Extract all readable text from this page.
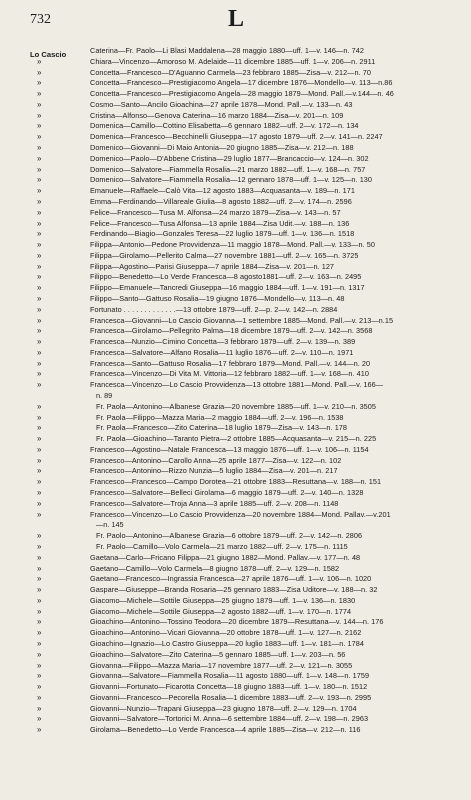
732	L
Lo Cascio	Caterina—Fr. Paolo—Li Blasi Maddalena—28 maggio 1880—uff. 1—v. 146—n. 742
»	Chiara—Vincenzo—Amoroso M. Adelaide—11 dicembre 1885—uff. 1—v. 206—n. 2911
»	Concetta—Francesco—D'Aguanno Carmela—23 febbraro 1885—Zisa—v. 212—n. 70
»	Concetta—Francesco—Prestigiacomo Angela—17 dicembre 1876—Mondello—v. 113—n.86
»	Concetta—Francesco—Prestigiacomo Angela—28 maggio 1879—Mond. Pall.—v.144—n. 46
»	Cosmo—Santo—Ancilo Gioachina—27 aprile 1878—Mond. Pall.—v. 133—n. 43
»	Cristina—Alfonso—Genova Caterina—16 marzo 1884—Zisa—v. 201—n. 109
»	Domenica—Camillo—Cottino Elisabetta—6 gennaro 1882—uff. 2—v. 172—n. 134
»	Domenica—Francesco—Becchinelli Giuseppa—17 agosto 1879—uff. 2—v. 141—n. 2247
»	Domenico—Giovanni—Di Maio Antonia—20 giugno 1885—Zisa—v. 212—n. 188
»	Domenico—Paolo—D'Abbene Cristina—29 luglio 1877—Brancaccio—v. 124—n. 302
»	Domenico—Salvatore—Fiammella Rosalia—21 marzo 1882—uff. 1—v. 168—n. 757
»	Domenico—Salvatore—Fiammella Rosalia—12 gennaro 1878—uff. 1—v. 125—n. 130
»	Emanuele—Raffaele—Calò Vita—12 agosto 1883—Acquasanta—v. 189—n. 171
»	Emma—Ferdinando—Villareale Giulia—8 agosto 1882—uff. 2—v. 174—n. 2596
»	Felice—Francesco—Tusa M. Alfonsa—24 marzo 1879—Zisa—v. 143—n. 57
»	Felice—Francesco—Tusa Alfonsa—13 aprile 1884—Zisa Udit.—v. 188—n. 136
»	Ferdinando—Biagio—Gonzales Teresa—22 luglio 1879—uff. 1—v. 136—n. 1518
»	Filippa—Antonio—Pedone Provvidenza—11 maggio 1878—Mond. Pall.—v. 133—n. 50
»	Filippa—Girolamo—Pellerito Calma—27 novembre 1881—uff. 2—v. 165—n. 3725
»	Filippa—Agostino—Parisi Giuseppa—7 aprile 1884—Zisa—v. 201—n. 127
»	Filippo—Benedetto—Lo Verde Francesca—8 agosto1881—uff. 2—v. 163—n. 2495
»	Filippo—Emanuele—Tancredi Giuseppa—16 maggio 1884—uff. 1—v. 191—n. 1317
»	Filippo—Santo—Gattuso Rosalia—19 giugno 1876—Mondello—v. 113—n. 48
»	Fortunato . . . . . . . . . . . . .—13 ottobre 1879—uff. 2—p. 2—v. 142—n. 2884
»	Francesca—Giovanni—Lo Cascio Giovanna—1 settembre 1885—Mond. Pall.—v. 213—n.15
»	Francesca—Girolamo—Pellegrito Palma—18 dicembre 1879—uff. 2—v. 142—n. 3568
»	Francesca—Nunzio—Cimino Concetta—3 febbraro 1879—uff. 2—v. 139—n. 389
»	Francesca—Salvatore—Alfano Rosalia—11 luglio 1876—uff. 2—v. 110—n. 1971
»	Francesca—Santo—Gattuso Rosalia—17 febbraro 1879—Mond. Pall.—v. 144—n. 20
»	Francesca—Vincenzo—Di Vita M. Vittoria—12 febbraro 1882—uff. 1—v. 168—n. 410
»	Francesca—Vincenzo—Lo Cascio Provvidenza—13 ottobre 1881—Mond. Pall.—v. 166—
n. 89
»	Fr. Paola—Antonino—Albanese Grazia—20 novembre 1885—uff. 1—v. 210—n. 3505
»	Fr. Paola—Filippo—Mazza Maria—2 maggio 1884—uff. 2—v. 196—n. 1538
»	Fr. Paola—Francesco—Zito Caterina—18 luglio 1879—Zisa—v. 143—n. 178
»	Fr. Paola—Gioachino—Taranto Pietra—2 ottobre 1885—Acquasanta—v. 215—n. 225
»	Francesco—Agostino—Natale Francesca—13 maggio 1876—uff. 1—v. 106—n. 1154
»	Francesco—Antonino—Carollo Anna—25 aprile 1877—Zisa—v. 122—n. 102
»	Francesco—Antonino—Rizzo Nunzia—5 luglio 1884—Zisa—v. 201—n. 217
»	Francesco—Francesco—Campo Dorotea—21 ottobre 1883—Resuttana—v. 188—n. 151
»	Francesco—Salvatore—Belleci Girolama—6 maggio 1879—uff. 2—v. 140—n. 1328
»	Francesco—Salvatore—Troja Anna—3 aprile 1885—uff. 2—v. 208—n. 1148
»	Francesco—Vincenzo—Lo Cascio Provvidenza—20 novembre 1884—Mond. Pallav.—v.201
—n. 145
»	Fr. Paolo—Antonino—Albanese Grazia—6 ottobre 1879—uff. 2—v. 142—n. 2806
»	Fr. Paolo—Camillo—Volo Carmela—21 marzo 1882—uff. 2—v. 175—n. 1115
»	Gaetana—Carlo—Fricano Filippa—21 giugno 1882—Mond. Pallav.—v. 177—n. 48
»	Gaetano—Camillo—Volo Carmela—8 giugno 1878—uff. 2—v. 129—n. 1582
»	Gaetano—Francesco—Ingrassia Francesca—27 aprile 1876—uff. 1—v. 106—n. 1020
»	Gaspare—Giuseppe—Branda Rosaria—25 gennaro 1883—Zisa Uditore—v. 188—n. 32
»	Giacomo—Michele—Sottile Giuseppa—25 giugno 1879—uff. 1—v. 136—n. 1830
»	Giacomo—Michele—Sottile Giuseppa—2 agosto 1882—uff. 1—v. 170—n. 1774
»	Gioachino—Antonino—Tossino Teodora—20 dicembre 1879—Resuttana—v. 144—n. 176
»	Gioachino—Antonino—Vicari Giovanna—20 ottobre 1878—uff. 1—v. 127—n. 2162
»	Gioachino—Ignazio—Lo Castro Giuseppa—20 luglio 1883—uff. 1—v. 181—n. 1784
»	Gioachino—Salvatore—Zito Caterina—5 gennaro 1885—uff. 1—v. 203—n. 56
»	Giovanna—Filippo—Mazza Maria—17 novembre 1877—uff. 2—v. 121—n. 3055
»	Giovanna—Salvatore—Fiammella Rosalia—11 agosto 1880—uff. 1—v. 148—n. 1759
»	Giovanni—Fortunato—Ficarotta Concetta—18 giugno 1883—uff. 1—v. 180—n. 1512
»	Giovanni—Francesco—Pecorella Rosalia—1 dicembre 1883—uff. 2—v. 193—n. 2995
»	Giovanni—Nunzio—Trapani Giuseppa—23 giugno 1878—uff. 2—v. 129—n. 1704
»	Giovanni—Salvatore—Tortorici M. Anna—6 settembre 1884—uff. 2—v. 198—n. 2963
»	Girolama—Benedetto—Lo Verde Francesca—4 aprile 1885—Zisa—v. 212—n. 116
